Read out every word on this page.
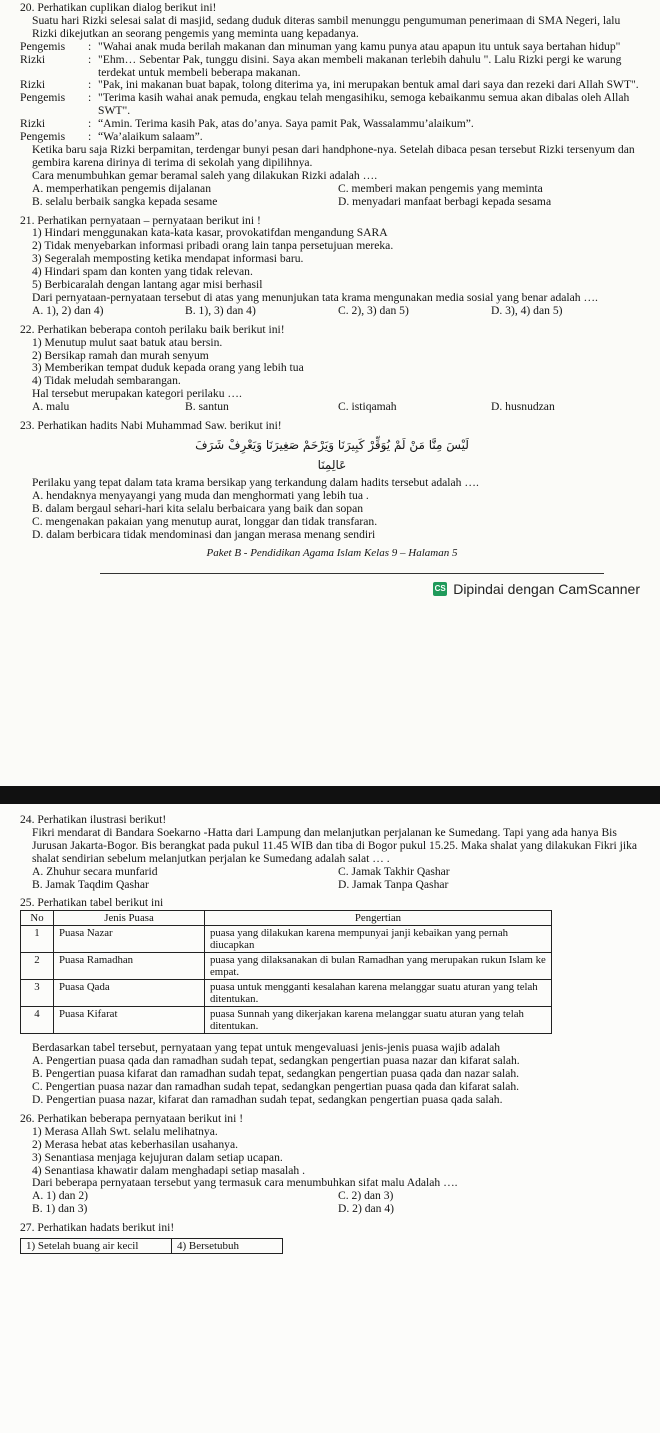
20. Perhatikan cuplikan dialog berikut ini!

Suatu hari Rizki selesai salat di masjid, sedang duduk diteras sambil menunggu pengumuman penerimaan di SMA Negeri, lalu Rizki dikejutkan an seorang pengemis yang meminta uang kepadanya.

Pengemis	: "Wahai anak muda berilah makanan dan minuman yang kamu punya atau apapun itu untuk saya bertahan hidup"
Rizki	: "Ehm… Sebentar Pak, tunggu disini. Saya akan membeli makanan terlebih dahulu ". Lalu Rizki pergi ke warung terdekat untuk membeli beberapa makanan.
Rizki	: "Pak, ini makanan buat bapak, tolong diterima ya, ini merupakan bentuk amal dari saya dan rezeki dari Allah SWT".
Pengemis	: "Terima kasih wahai anak pemuda, engkau telah mengasihiku, semoga kebaikanmu semua akan dibalas oleh Allah SWT".
Rizki	: “Amin. Terima kasih Pak, atas do’anya. Saya pamit Pak, Wassalammu’alaikum”.
Pengemis	: “Wa’alaikum salaam”.

Ketika baru saja Rizki berpamitan, terdengar bunyi pesan dari handphone-nya. Setelah dibaca pesan tersebut Rizki tersenyum dan gembira karena dirinya di terima di sekolah yang dipilihnya.

Cara menumbuhkan gemar beramal saleh yang dilakukan Rizki adalah ….

A. memperhatikan pengemis dijalanan	C. memberi makan pengemis yang meminta
B. selalu berbaik sangka kepada sesame	D. menyadari manfaat berbagi kepada sesama

21. Perhatikan pernyataan – pernyataan berikut ini !

1) Hindari menggunakan kata-kata kasar, provokatifdan mengandung SARA

2) Tidak menyebarkan informasi pribadi orang lain tanpa persetujuan mereka.

3) Segeralah memposting ketika mendapat informasi baru.

4) Hindari spam dan konten yang tidak relevan.

5) Berbicaralah dengan lantang agar misi berhasil

Dari pernyataan-pernyataan tersebut di atas yang menunjukan tata krama mengunakan media sosial yang benar adalah ….

A. 1), 2) dan 4)	B. 1), 3) dan 4)	C. 2), 3) dan 5)	D. 3), 4) dan 5)

22. Perhatikan beberapa contoh perilaku baik berikut ini!

1) Menutup mulut saat batuk atau bersin.

2) Bersikap ramah dan murah senyum

3) Memberikan tempat duduk kepada orang yang lebih tua

4) Tidak meludah sembarangan.

Hal tersebut merupakan kategori perilaku ….

A. malu	B. santun	C. istiqamah	D. husnudzan

23. Perhatikan hadits Nabi Muhammad Saw. berikut ini!

لَيْسَ مِنَّا مَنْ لَمْ يُوَقِّرْ كَبِيرَنَا وَيَرْحَمْ صَغِيرَنَا وَيَعْرِفْ شَرَفَ

عَالِمِنَا

Perilaku yang tepat dalam tata krama bersikap yang terkandung dalam hadits tersebut adalah ….

A. hendaknya menyayangi yang muda dan menghormati yang lebih tua .

B. dalam bergaul sehari-hari kita selalu berbaicara yang baik dan sopan

C. mengenakan pakaian yang menutup aurat, longgar dan tidak transfaran.

D. dalam berbicara tidak mendominasi dan jangan merasa menang sendiri

Paket B - Pendidikan Agama Islam Kelas 9 – Halaman 5

CS Dipindai dengan CamScanner

24. Perhatikan ilustrasi berikut!

Fikri mendarat di Bandara Soekarno -Hatta dari Lampung dan melanjutkan perjalanan ke Sumedang. Tapi yang ada hanya Bis Jurusan Jakarta-Bogor. Bis berangkat pada pukul 11.45 WIB dan tiba di Bogor pukul 15.25. Maka shalat yang dilakukan Fikri jika shalat sendirian sebelum melanjutkan perjalan ke Sumedang adalah salat … .

A. Zhuhur secara munfarid	C. Jamak Takhir Qashar
B. Jamak Taqdim Qashar	D. Jamak Tanpa Qashar

25. Perhatikan tabel berikut ini

No	Jenis Puasa	Pengertian
1	Puasa Nazar	puasa yang dilakukan karena mempunyai janji kebaikan yang pernah diucapkan
2	Puasa Ramadhan	puasa yang dilaksanakan di bulan Ramadhan yang merupakan rukun Islam ke empat.
3	Puasa Qada	puasa untuk mengganti kesalahan karena melanggar suatu aturan yang telah ditentukan.
4	Puasa Kifarat	puasa Sunnah yang dikerjakan karena melanggar suatu aturan yang telah ditentukan.

Berdasarkan tabel tersebut, pernyataan yang tepat untuk mengevaluasi jenis-jenis puasa wajib adalah

A. Pengertian puasa qada dan ramadhan sudah tepat, sedangkan pengertian puasa nazar dan kifarat salah.

B. Pengertian puasa kifarat dan ramadhan sudah tepat, sedangkan pengertian puasa qada dan nazar salah.

C. Pengertian puasa nazar dan ramadhan sudah tepat, sedangkan pengertian puasa qada dan kifarat salah.

D. Pengertian puasa nazar, kifarat dan ramadhan sudah tepat, sedangkan pengertian puasa qada salah.

26. Perhatikan beberapa pernyataan berikut ini !

1) Merasa Allah Swt. selalu melihatnya.

2) Merasa hebat atas keberhasilan usahanya.

3) Senantiasa menjaga kejujuran dalam setiap ucapan.

4) Senantiasa khawatir dalam menghadapi setiap masalah .

Dari beberapa pernyataan tersebut yang termasuk cara menumbuhkan sifat malu Adalah ….

A. 1) dan 2)	C. 2) dan 3)
B. 1) dan 3)	D. 2) dan 4)

27. Perhatikan hadats berikut ini!

1) Setelah buang air kecil	4) Bersetubuh
